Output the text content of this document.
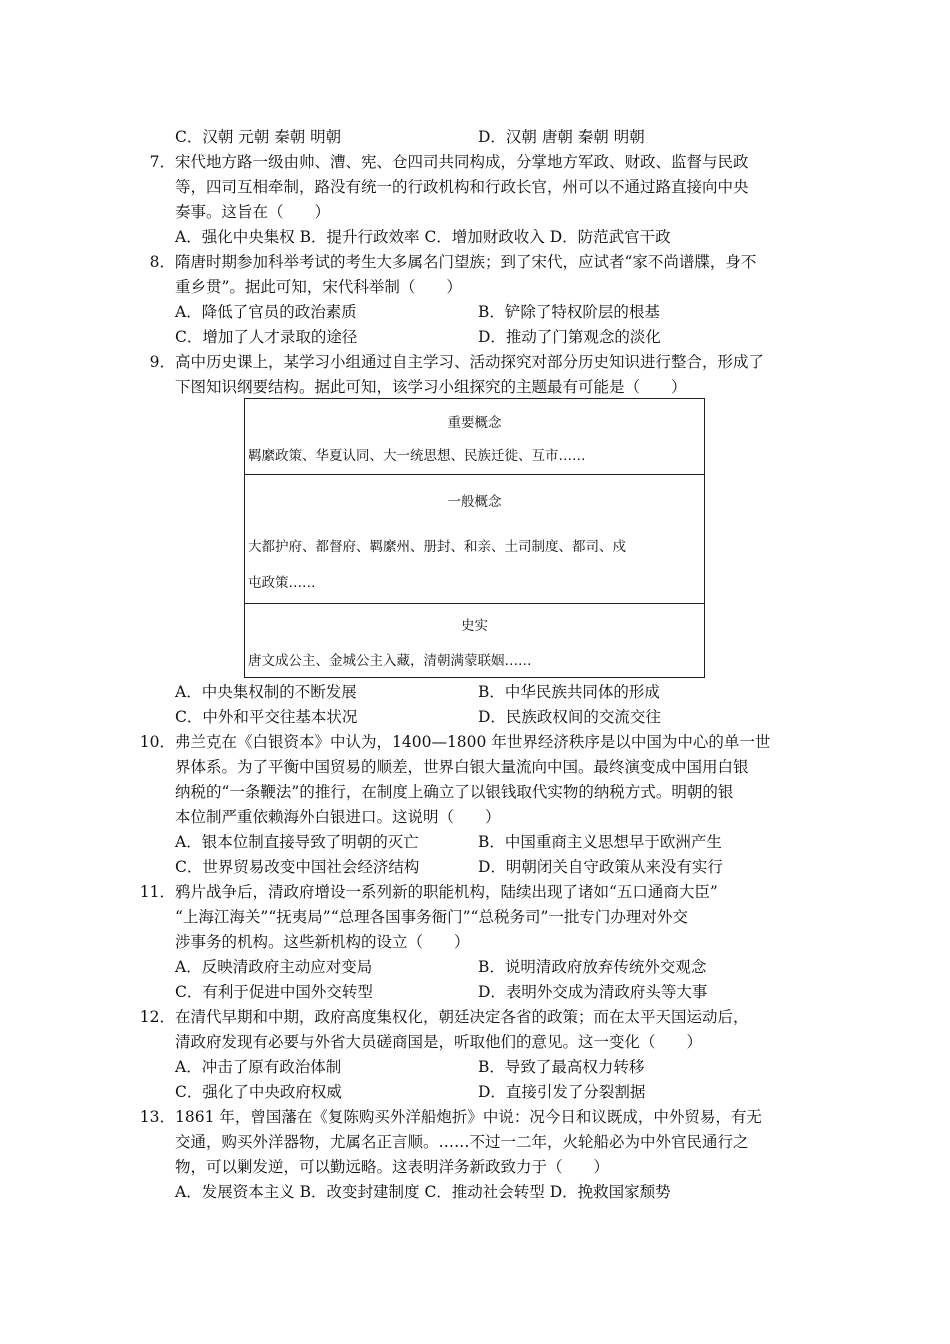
C．汉朝 元朝 秦朝 明朝	D．汉朝 唐朝 秦朝 明朝
7． 宋代地方路一级由帅、漕、宪、仓四司共同构成，分掌地方军政、财政、监督与民政
等，四司互相牵制，路没有统一的行政机构和行政长官，州可以不通过路直接向中央
奏事。这旨在（　　）
A．强化中央集权 B．提升行政效率 C．增加财政收入 D．防范武官干政
8． 隋唐时期参加科举考试的考生大多属名门望族；到了宋代，应试者“家不尚谱牒，身不
重乡贯”。据此可知，宋代科举制（　　）
A．降低了官员的政治素质	B．铲除了特权阶层的根基
C．增加了人才录取的途径	D．推动了门第观念的淡化
9． 高中历史课上，某学习小组通过自主学习、活动探究对部分历史知识进行整合，形成了
下图知识纲要结构。据此可知，该学习小组探究的主题最有可能是（　　）
重要概念
羁縻政策、华夏认同、大一统思想、民族迁徙、互市……
一般概念
大都护府、都督府、羁縻州、册封、和亲、土司制度、都司、戍
屯政策……
史实
唐文成公主、金城公主入藏，清朝满蒙联姻……
A．中央集权制的不断发展	B．中华民族共同体的形成
C．中外和平交往基本状况	D．民族政权间的交流交往
10． 弗兰克在《白银资本》中认为，1400—1800 年世界经济秩序是以中国为中心的单一世
界体系。为了平衡中国贸易的顺差，世界白银大量流向中国。最终演变成中国用白银
纳税的“一条鞭法”的推行，在制度上确立了以银钱取代实物的纳税方式。明朝的银
本位制严重依赖海外白银进口。这说明（　　）
A．银本位制直接导致了明朝的灭亡	B．中国重商主义思想早于欧洲产生
C．世界贸易改变中国社会经济结构	D．明朝闭关自守政策从来没有实行
11． 鸦片战争后，清政府增设一系列新的职能机构，陆续出现了诸如“五口通商大臣”
“上海江海关”“抚夷局”“总理各国事务衙门”“总税务司”一批专门办理对外交
涉事务的机构。这些新机构的设立（　　）
A．反映清政府主动应对变局	B．说明清政府放弃传统外交观念
C．有利于促进中国外交转型	D．表明外交成为清政府头等大事
12． 在清代早期和中期，政府高度集权化，朝廷决定各省的政策；而在太平天国运动后，
清政府发现有必要与外省大员磋商国是，听取他们的意见。这一变化（　　）
A．冲击了原有政治体制	B．导致了最高权力转移
C．强化了中央政府权威	D．直接引发了分裂割据
13． 1861 年，曾国藩在《复陈购买外洋船炮折》中说：况今日和议既成，中外贸易，有无
交通，购买外洋器物，尤属名正言顺。……不过一二年，火轮船必为中外官民通行之
物，可以剿发逆，可以勤远略。这表明洋务新政致力于（　　）
A．发展资本主义 B．改变封建制度 C．推动社会转型 D．挽救国家颓势
